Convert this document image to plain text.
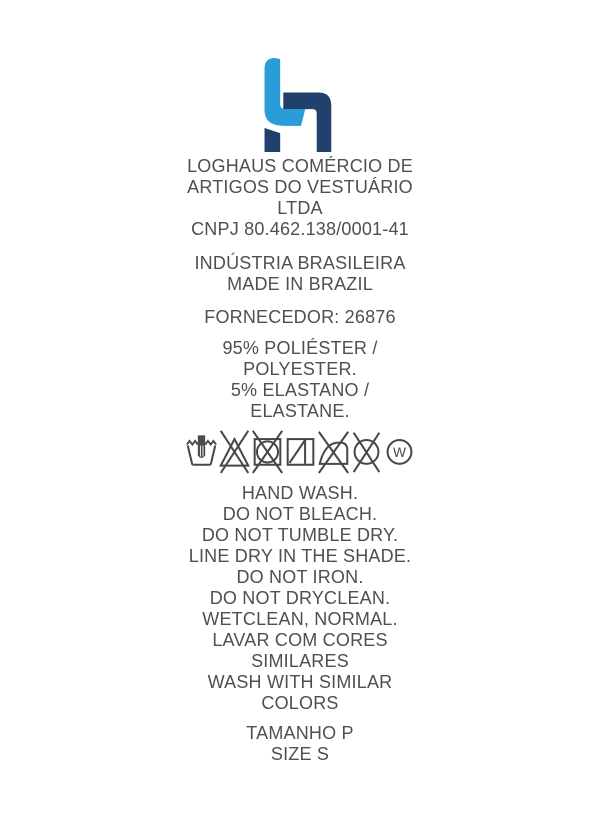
LOGHAUS COMÉRCIO DE
ARTIGOS DO VESTUÁRIO
LTDA
CNPJ 80.462.138/0001-41
INDÚSTRIA BRASILEIRA
MADE IN BRAZIL
FORNECEDOR: 26876
95% POLIÉSTER /
POLYESTER.
5% ELASTANO /
ELASTANE.
W
HAND WASH.
DO NOT BLEACH.
DO NOT TUMBLE DRY.
LINE DRY IN THE SHADE.
DO NOT IRON.
DO NOT DRYCLEAN.
WETCLEAN, NORMAL.
LAVAR COM CORES
SIMILARES
WASH WITH SIMILAR
COLORS
TAMANHO P
SIZE S
